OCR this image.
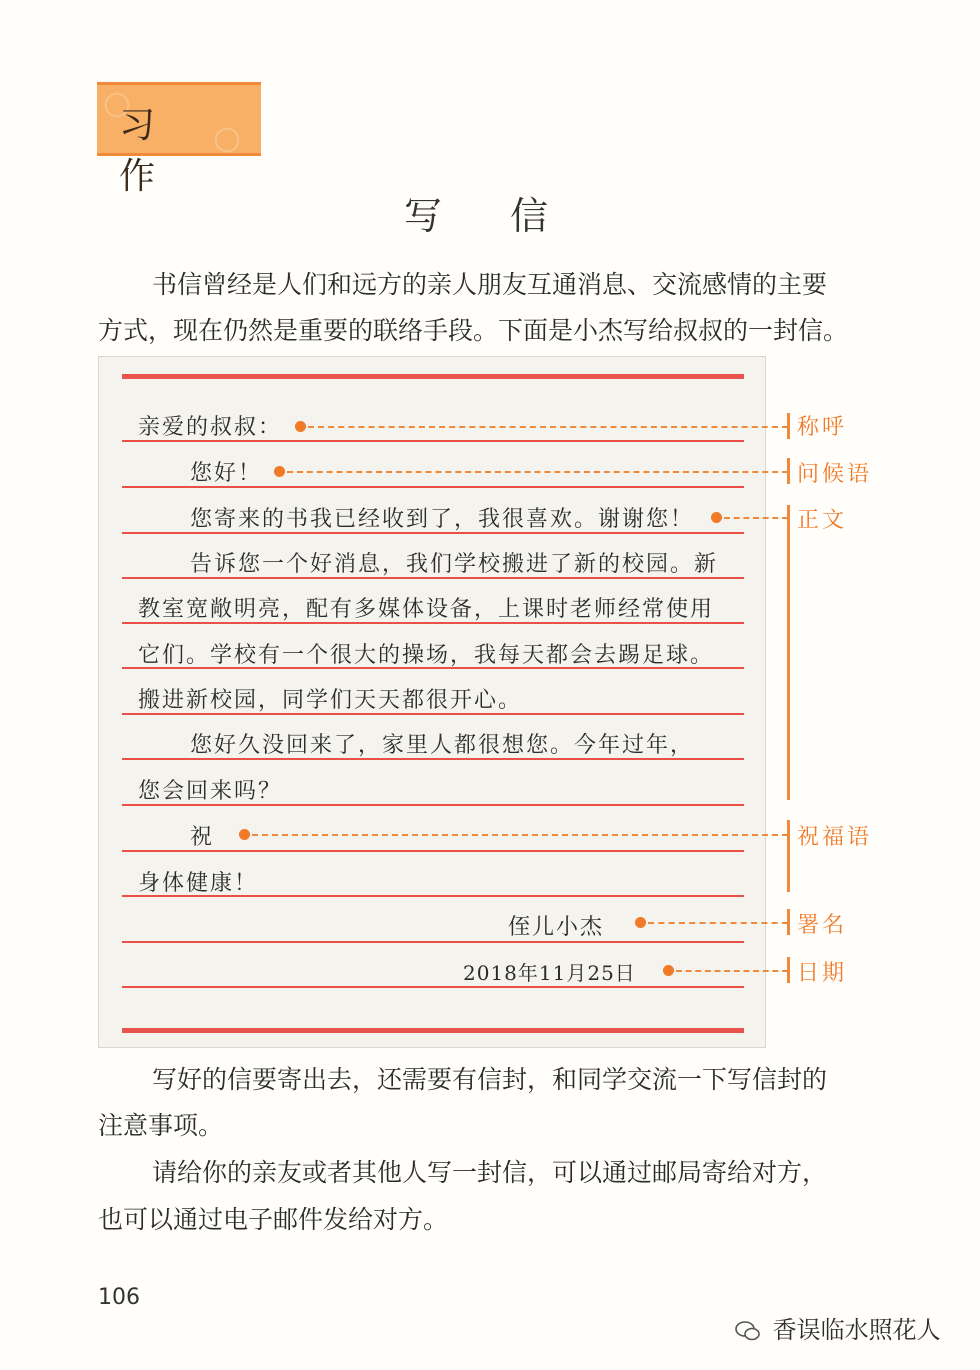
习 作
写 信
书信曾经是人们和远方的亲人朋友互通消息、交流感情的主要
方式，现在仍然是重要的联络手段。下面是小杰写给叔叔的一封信。
亲爱的叔叔：
您好！
您寄来的书我已经收到了，我很喜欢。谢谢您！
告诉您一个好消息，我们学校搬进了新的校园。新
教室宽敞明亮，配有多媒体设备，上课时老师经常使用
它们。学校有一个很大的操场，我每天都会去踢足球。
搬进新校园，同学们天天都很开心。
您好久没回来了，家里人都很想您。今年过年，
您会回来吗？
祝
身体健康！
侄儿小杰
2018年11月25日
称呼
问候语
正文
祝福语
署名
日期
写好的信要寄出去，还需要有信封，和同学交流一下写信封的
注意事项。
请给你的亲友或者其他人写一封信，可以通过邮局寄给对方，
也可以通过电子邮件发给对方。
106
香误临水照花人
